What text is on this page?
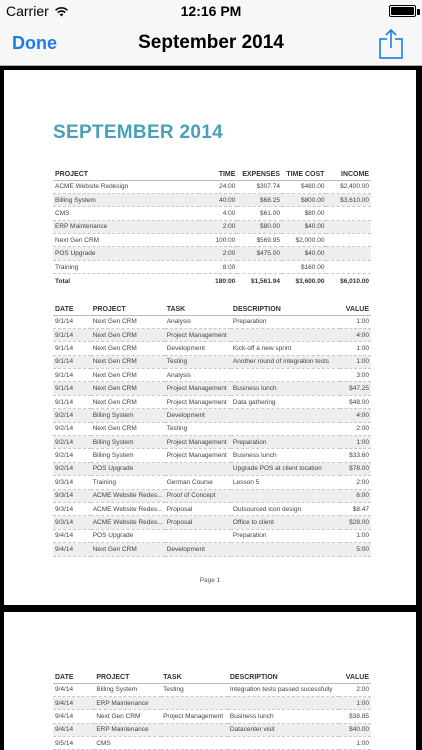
Carrier	12:16 PM
Done	September 2014
SEPTEMBER 2014
PROJECT	TIME	EXPENSES	TIME COST	INCOME
ACME Website Redesign	24:00	$307.74	$480.00	$2,400.00
Billing System	40:00	$68.25	$800.00	$3,610.00
CMS	4:00	$61.00	$80.00	
ERP Maintenance	2:00	$80.00	$40.00	
Next Gen CRM	100:00	$569.95	$2,000.00	
POS Upgrade	2:00	$475.00	$40.00	
Training	8:00		$160.00	
Total	180:00	$1,561.94	$3,600.00	$6,010.00
DATE	PROJECT	TASK	DESCRIPTION	VALUE
9/1/14	Next Gen CRM	Analysis	Preparation	1:00
9/1/14	Next Gen CRM	Project Management		4:00
9/1/14	Next Gen CRM	Development	Kick-off a new sprint	1:00
9/1/14	Next Gen CRM	Testing	Another round of integration tests	1:00
9/1/14	Next Gen CRM	Analysis		3:00
9/1/14	Next Gen CRM	Project Management	Business lunch	$47.25
9/1/14	Next Gen CRM	Project Management	Data gathering	$48.00
9/2/14	Billing System	Development		4:00
9/2/14	Next Gen CRM	Testing		2:00
9/2/14	Billing System	Project Management	Preparation	1:00
9/2/14	Billing System	Project Management	Business lunch	$33.60
9/2/14	POS Upgrade		Upgrade POS at client location	$78.00
9/3/14	Training	German Course	Lesson 5	2:00
9/3/14	ACME Website Redes...	Proof of Concept		6:00
9/3/14	ACME Website Redes...	Proposal	Outsourced icon design	$8.47
9/3/14	ACME Website Redes...	Proposal	Office to client	$28.00
9/4/14	POS Upgrade		Preparation	1:00
9/4/14	Next Gen CRM	Development		5:00
Page 1
DATE	PROJECT	TASK	DESCRIPTION	VALUE
9/4/14	Billing System	Testing	Integration tests passed sucessfully	2:00
9/4/14	ERP Maintenance			1:00
9/4/14	Next Gen CRM	Project Management	Business lunch	$38.85
9/4/14	ERP Maintenance		Datacenter visit	$40.00
9/5/14	CMS			1:00
